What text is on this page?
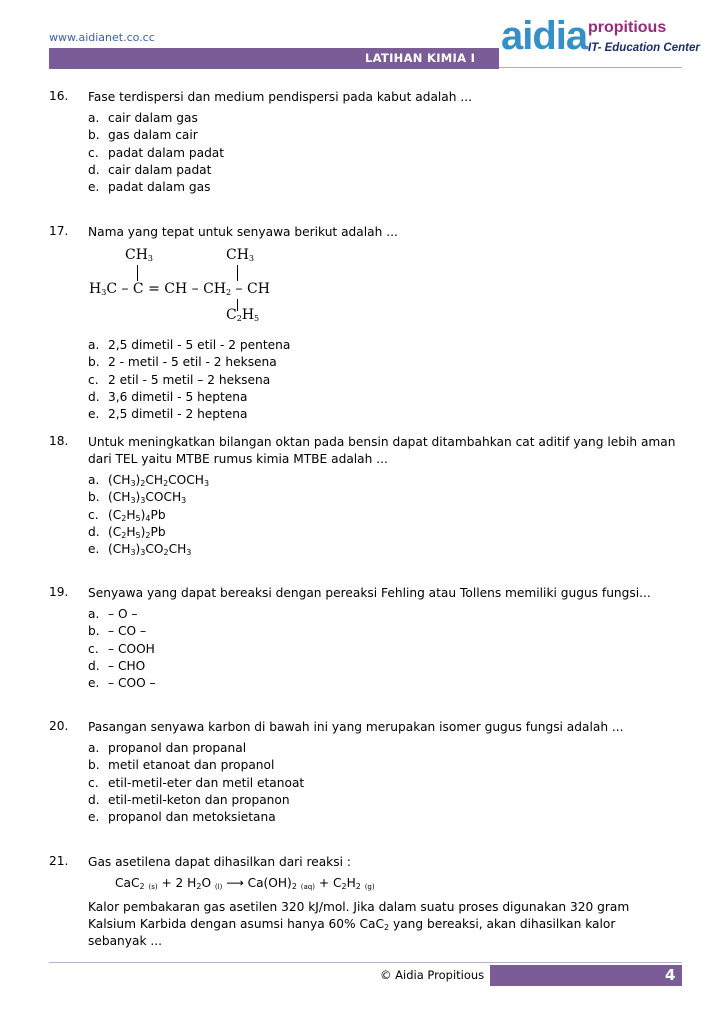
www.aidianet.co.cc
LATIHAN KIMIA I aidia propitious
IT- Education Center
16. Fase terdispersi dan medium pendispersi pada kabut adalah ...
a. cair dalam gas
b. gas dalam cair
c. padat dalam padat
d. cair dalam padat
e. padat dalam gas
17. Nama yang tepat untuk senyawa berikut adalah ...
$CH_3$	$CH_3$
$H_3C$ – C = CH – $CH_2$ – CH
$C_2H_5$
a. 2,5 dimetil - 5 etil - 2 pentena
b. 2 - metil - 5 etil - 2 heksena
c. 2 etil - 5 metil – 2 heksena
d. 3,6 dimetil - 5 heptena
e. 2,5 dimetil - 2 heptena
18. Untuk meningkatkan bilangan oktan pada bensin dapat ditambahkan cat aditif yang lebih aman dari TEL yaitu MTBE rumus kimia MTBE adalah ...
a. $(CH_3)_2CH_2COCH_3$
b. $(CH_3)_3COCH_3$
c. $(C_2H_5)_4Pb$
d. $(C_2H_5)_2Pb$
e. $(CH_3)_3CO_2CH_3$
19. Senyawa yang dapat bereaksi dengan pereaksi Fehling atau Tollens memiliki gugus fungsi...
a. – O –
b. – CO –
c. – COOH
d. – CHO
e. – COO –
20. Pasangan senyawa karbon di bawah ini yang merupakan isomer gugus fungsi adalah ...
a. propanol dan propanal
b. metil etanoat dan propanol
c. etil-metil-eter dan metil etanoat
d. etil-metil-keton dan propanon
e. propanol dan metoksietana
21. Gas asetilena dapat dihasilkan dari reaksi :
CaC$_2$ (s) + 2 $H_2O$ (l) ⟶ $Ca(OH)_2$ $(aq) + C_2H_2$ (g)
Kalor pembakaran gas asetilen 320 kJ/mol. Jika dalam suatu proses digunakan 320 gram Kalsium Karbida dengan asumsi hanya 60% CaC$_2$ yang bereaksi, akan dihasilkan kalor sebanyak ...
© Aidia Propitious	4
